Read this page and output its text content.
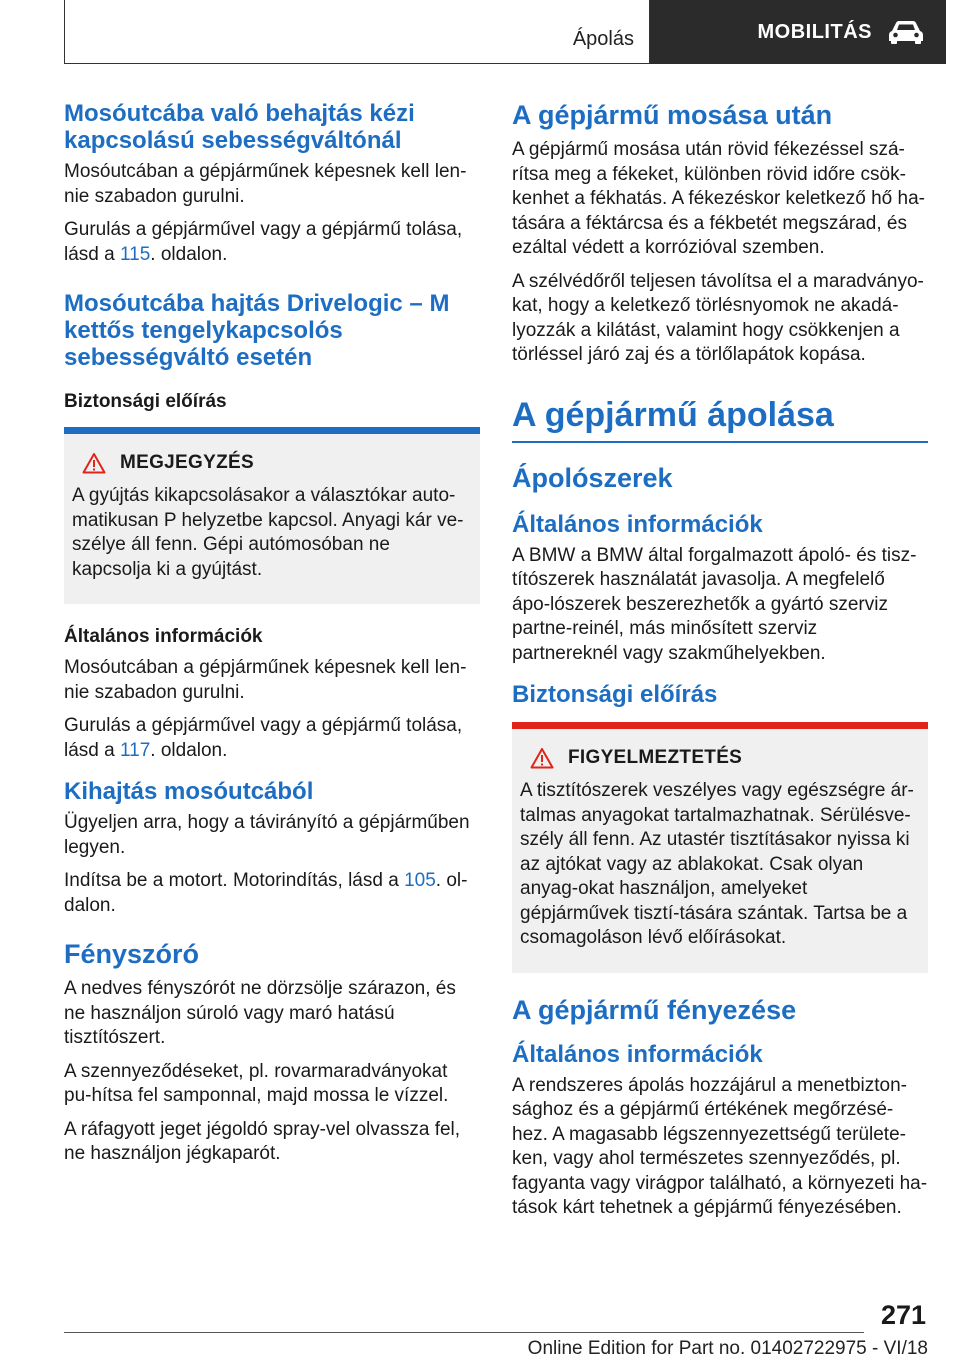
Ápolás	MOBILITÁS
Mosóutcába való behajtás kézi kapcsolású sebességváltónál

Mosóutcában a gépjárműnek képesnek kell len-nie szabadon gurulni.

Gurulás a gépjárművel vagy a gépjármű tolása, lásd a 115. oldalon.

Mosóutcába hajtás Drivelogic – M kettős tengelykapcsolós sebességváltó esetén
Biztonsági előírás
MEGJEGYZÉS

A gyújtás kikapcsolásakor a választókar auto-matikusan P helyzetbe kapcsol. Anyagi kár ve-szélye áll fenn. Gépi autómosóban ne kapcsolja ki a gyújtást.

Általános információk

Mosóutcában a gépjárműnek képesnek kell len-nie szabadon gurulni.

Gurulás a gépjárművel vagy a gépjármű tolása, lásd a 117. oldalon.

Kihajtás mosóutcából

Ügyeljen arra, hogy a távirányító a gépjárműben legyen.

Indítsa be a motort. Motorindítás, lásd a 105. ol-dalon.

Fényszóró

A nedves fényszórót ne dörzsölje szárazon, és ne használjon súroló vagy maró hatású tisztítószert.

A szennyeződéseket, pl. rovarmaradványokat pu-hítsa fel samponnal, majd mossa le vízzel.

A ráfagyott jeget jégoldó spray-vel olvassza fel, ne használjon jégkaparót.

A gépjármű mosása után

A gépjármű mosása után rövid fékezéssel szá-rítsa meg a fékeket, különben rövid időre csök-kenhet a fékhatás. A fékezéskor keletkező hő ha-tására a féktárcsa és a fékbetét megszárad, és ezáltal védett a korrózióval szemben.

A szélvédőről teljesen távolítsa el a maradványo-kat, hogy a keletkező törlésnyomok ne akadá-lyozzák a kilátást, valamint hogy csökkenjen a törléssel járó zaj és a törlőlapátok kopása.

A gépjármű ápolása
Ápolószerek
Általános információk

A BMW a BMW által forgalmazott ápoló- és tisz-títószerek használatát javasolja. A megfelelő ápo-lószerek beszerezhetők a gyártó szerviz partne-reinél, más minősített szerviz partnereknél vagy szakműhelyekben.

Biztonsági előírás
FIGYELMEZTETÉS

A tisztítószerek veszélyes vagy egészségre ár-talmas anyagokat tartalmazhatnak. Sérülésve-szély áll fenn. Az utastér tisztításakor nyissa ki az ajtókat vagy az ablakokat. Csak olyan anyag-okat használjon, amelyeket gépjárművek tisztí-tására szántak. Tartsa be a csomagoláson lévő előírásokat.

A gépjármű fényezése
Általános információk

A rendszeres ápolás hozzájárul a menetbizton-sághoz és a gépjármű értékének megőrzésé-hez. A magasabb légszennyezettségű területe-ken, vagy ahol természetes szennyeződés, pl. fagyanta vagy virágpor található, a környezeti ha-tások kárt tehetnek a gépjármű fényezésében.

271
Online Edition for Part no. 01402722975 - VI/18
